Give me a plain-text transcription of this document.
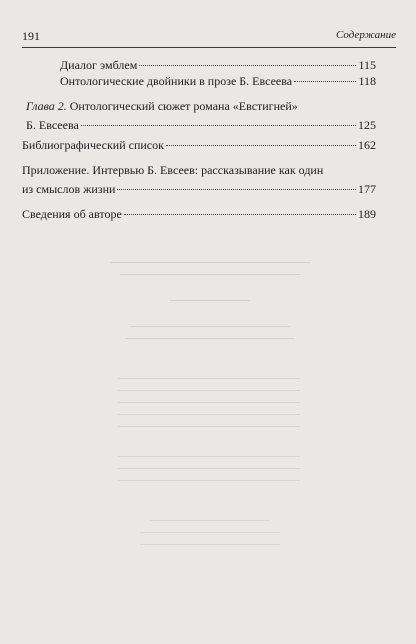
191	Содержание
Диалог эмблем	115
Онтологические двойники в прозе Б. Евсеева	118
Глава 2.
Онтологический сюжет романа «Евстигней»
Б. Евсеева	125
Библиографический список	162
Приложение. Интервью Б. Евсеев: рассказывание как один
из смыслов жизни	177
Сведения об авторе	189
